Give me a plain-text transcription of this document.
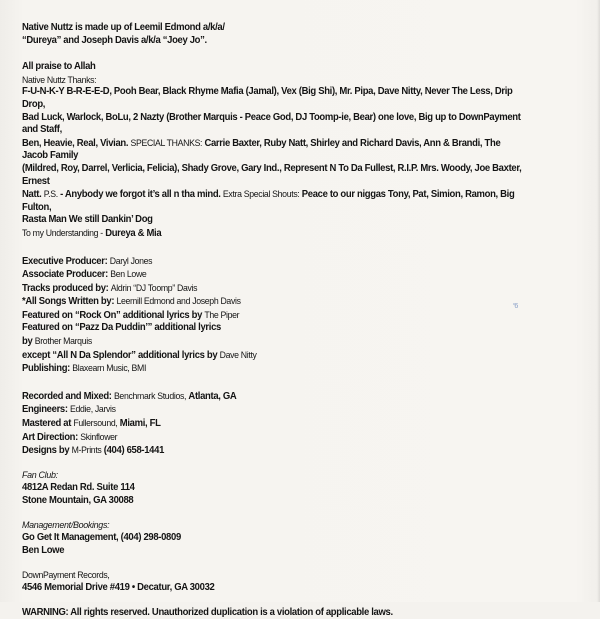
Native Nuttz is made up of Leemil Edmond a/k/a/

“Dureya” and Joseph Davis a/k/a “Joey Jo”.

All praise to Allah

Native Nuttz Thanks:

F-U-N-K-Y B-R-E-E-D, Pooh Bear, Black Rhyme Mafia (Jamal), Vex (Big Shi), Mr. Pipa, Dave Nitty, Never The Less, Drip Drop,

Bad Luck, Warlock, BoLu, 2 Nazty (Brother Marquis - Peace God, DJ Toomp-ie, Bear) one love, Big up to DownPayment and Staff,

Ben, Heavie, Real, Vivian. SPECIAL THANKS: Carrie Baxter, Ruby Natt, Shirley and Richard Davis, Ann & Brandi, The Jacob Family

(Mildred, Roy, Darrel, Verlicia, Felicia), Shady Grove, Gary Ind., Represent N To Da Fullest, R.I.P. Mrs. Woody, Joe Baxter, Ernest

Natt. P.S. - Anybody we forgot it’s all n tha mind. Extra Special Shouts: Peace to our niggas Tony, Pat, Simion, Ramon, Big Fulton,

Rasta Man We still Dankin’ Dog

To my Understanding - Dureya & Mia

Executive Producer: Daryl Jones

Associate Producer: Ben Lowe

Tracks produced by: Aldrin “DJ Toomp” Davis

*All Songs Written by: Leemill Edmond and Joseph Davis

Featured on “Rock On” additional lyrics by The Piper

Featured on “Pazz Da Puddin’” additional lyrics

by Brother Marquis

except “All N Da Splendor” additional lyrics by Dave Nitty

Publishing: Blaxearn Music, BMI

Recorded and Mixed: Benchmark Studios, Atlanta, GA

Engineers: Eddie, Jarvis

Mastered at Fullersound, Miami, FL

Art Direction: Skinflower

Designs by M-Prints (404) 658-1441

Fan Club:

4812A Redan Rd. Suite 114

Stone Mountain, GA 30088

Management/Bookings:

Go Get It Management, (404) 298-0809

Ben Lowe

DownPayment Records,

4546 Memorial Drive #419 • Decatur, GA 30032

WARNING: All rights reserved. Unauthorized duplication is a violation of applicable laws.

“6
